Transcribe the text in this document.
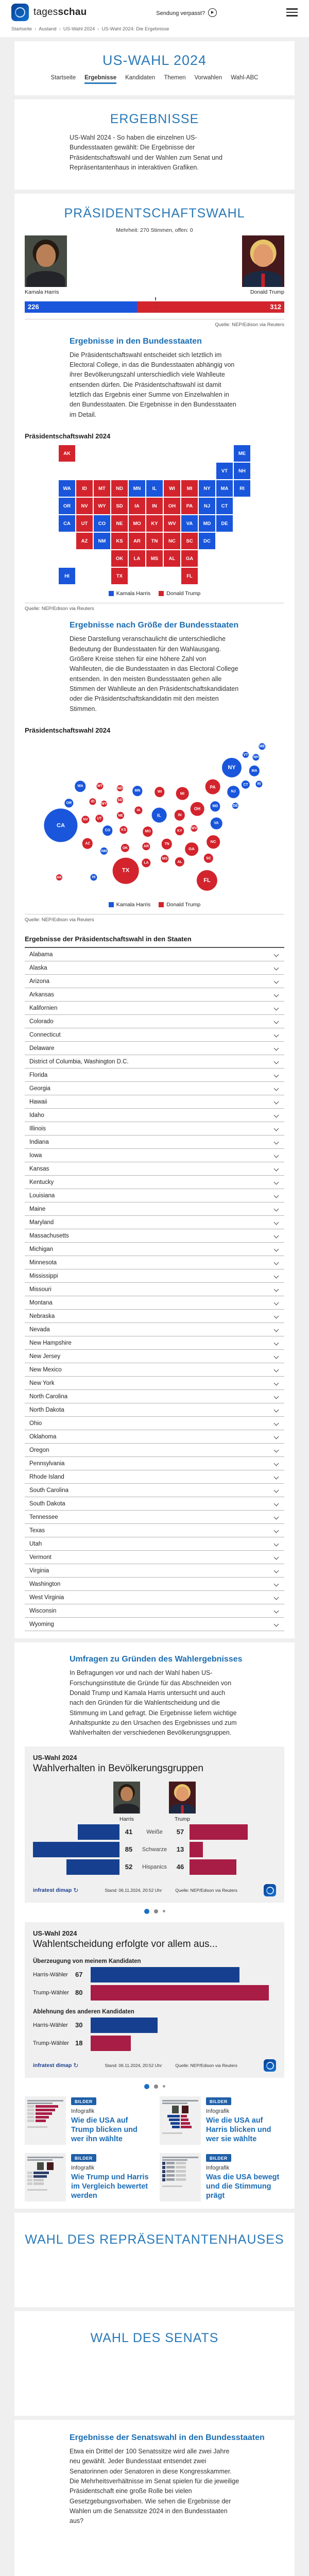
tagesschau	Sendung verpasst?
Startseite › Ausland › US-Wahl 2024 › US-Wahl 2024: Die Ergebnisse
US-WAHL 2024
Startseite Ergebnisse Kandidaten Themen Vorwahlen Wahl-ABC
ERGEBNISSE

US-Wahl 2024 - So haben die einzelnen US-Bundesstaaten gewählt: Die Ergebnisse der Präsidentschaftswahl und der Wahlen zum Senat und Repräsentantenhaus in interaktiven Grafiken.

PRÄSIDENTSCHAFTSWAHL
Mehrheit: 270 Stimmen, offen: 0
Kamala Harris	Donald Trump
226	312
Quelle: NEP/Edison via Reuters
Ergebnisse in den Bundesstaaten

Die Präsidentschaftswahl entscheidet sich letztlich im Electoral College, in das die Bundesstaaten abhängig von ihrer Bevölkerungszahl unterschiedlich viele Wahlleute entsenden dürfen. Die Präsidentschaftswahl ist damit letztlich das Ergebnis einer Summe von Einzelwahlen in den Bundesstaaten. Die Ergebnisse in den Bundesstaaten im Detail.

Präsidentschaftswahl 2024
AK	ME
VT	NH
WA	ID	MT	ND	MN	IL	WI	MI	NY	MA	RI
OR	NV	WY	SD	IA	IN	OH	PA	NJ	CT
CA	UT	CO	NE	MO	KY	WV	VA	MD	DE
AZ	NM	KS	AR	TN	NC	SC	DC
OK	LA	MS	AL	GA
HI	TX	FL
Kamala Harris	Donald Trump
Quelle: NEP/Edison via Reuters
Ergebnisse nach Größe der Bundesstaaten

Diese Darstellung veranschaulicht die unterschiedliche Bedeutung der Bundesstaaten für den Wahlausgang. Größere Kreise stehen für eine höhere Zahl von Wahlleuten, die die Bundesstaaten in das Electoral College entsenden. In den meisten Bundesstaaten gehen alle Stimmen der Wahlleute an den Präsidentschaftskandidaten oder die Präsidentschaftskandidatin mit den meisten Stimmen.

Präsidentschaftswahl 2024
ME
VT
NH
NY
MA
WA	MT
ND
MN	WI	MI
PA	CT	RI
NJ
OR	ID
WY
SD
DE
MD
OH
IA
NE	IL	IN
NV	UT
CA	VA
WV
CO	KS	MO	KY
NC
AZ	TN
GA
NM
OK	AR
SC
MS
AL
LA
TX
AK	HI	FL
Kamala Harris	Donald Trump
Quelle: NEP/Edison via Reuters
Ergebnisse der Präsidentschaftswahl in den Staaten
Alabama
Alaska
Arizona
Arkansas
Kalifornien
Colorado
Connecticut
Delaware
District of Columbia, Washington D.C.
Florida
Georgia
Hawaii
Idaho
Illinois
Indiana
Iowa
Kansas
Kentucky
Louisiana
Maine
Maryland
Massachusetts
Michigan
Minnesota
Mississippi
Missouri
Montana
Nebraska
Nevada
New Hampshire
New Jersey
New Mexico
New York
North Carolina
North Dakota
Ohio
Oklahoma
Oregon
Pennsylvania
Rhode Island
South Carolina
South Dakota
Tennessee
Texas
Utah
Vermont
Virginia
Washington
West Virginia
Wisconsin
Wyoming
Umfragen zu Gründen des Wahlergebnisses

In Befragungen vor und nach der Wahl haben US-Forschungsinstitute die Gründe für das Abschneiden von Donald Trump und Kamala Harris untersucht und auch nach den Gründen für die Wahlentscheidung und die Stimmung im Land gefragt. Die Ergebnisse liefern wichtige Anhaltspunkte zu den Ursachen des Ergebnisses und zum Wahlverhalten der verschiedenen Bevölkerungsgruppen.

US-Wahl 2024
Wahlverhalten in Bevölkerungsgruppen
Harris	Trump
41	Weiße	57
85	Schwarze	13
52	Hispanics	46
infratest dimap ↻	Stand: 06.11.2024, 20:52 Uhr	Quelle: NEP/Edison via Reuters
US-Wahl 2024
Wahlentscheidung erfolgte vor allem aus...
Überzeugung von meinem Kandidaten
Harris-Wähler	67
Trump-Wähler 80
Ablehnung des anderen Kandidaten
Harris-Wähler	30
Trump-Wähler 18
infratest dimap ↻	Stand: 06.11.2024, 20:52 Uhr	Quelle: NEP/Edison via Reuters
BILDER
Infografik
Wie die USA auf Trump blicken und wer ihn wählte
BILDER
Infografik
Wie die USA auf Harris blicken und wer sie wählte
BILDER
Infografik
Wie Trump und Harris im Vergleich bewertet werden
BILDER
Infografik
Was die USA bewegt und die Stimmung prägt
WAHL DES REPRÄSENTANTENHAUSES
WAHL DES SENATS
Ergebnisse der Senatswahl in den Bundesstaaten

Etwa ein Drittel der 100 Senatssitze wird alle zwei Jahre neu gewählt. Jeder Bundesstaat entsendet zwei Senatorinnen oder Senatoren in diese Kongresskammer. Die Mehrheitsverhältnisse im Senat spielen für die jeweilige Präsidentschaft eine große Rolle bei vielen Gesetzgebungsvorhaben. Wie sehen die Ergebnisse der Wahlen um die Senatssitze 2024 in den Bundesstaaten aus?
